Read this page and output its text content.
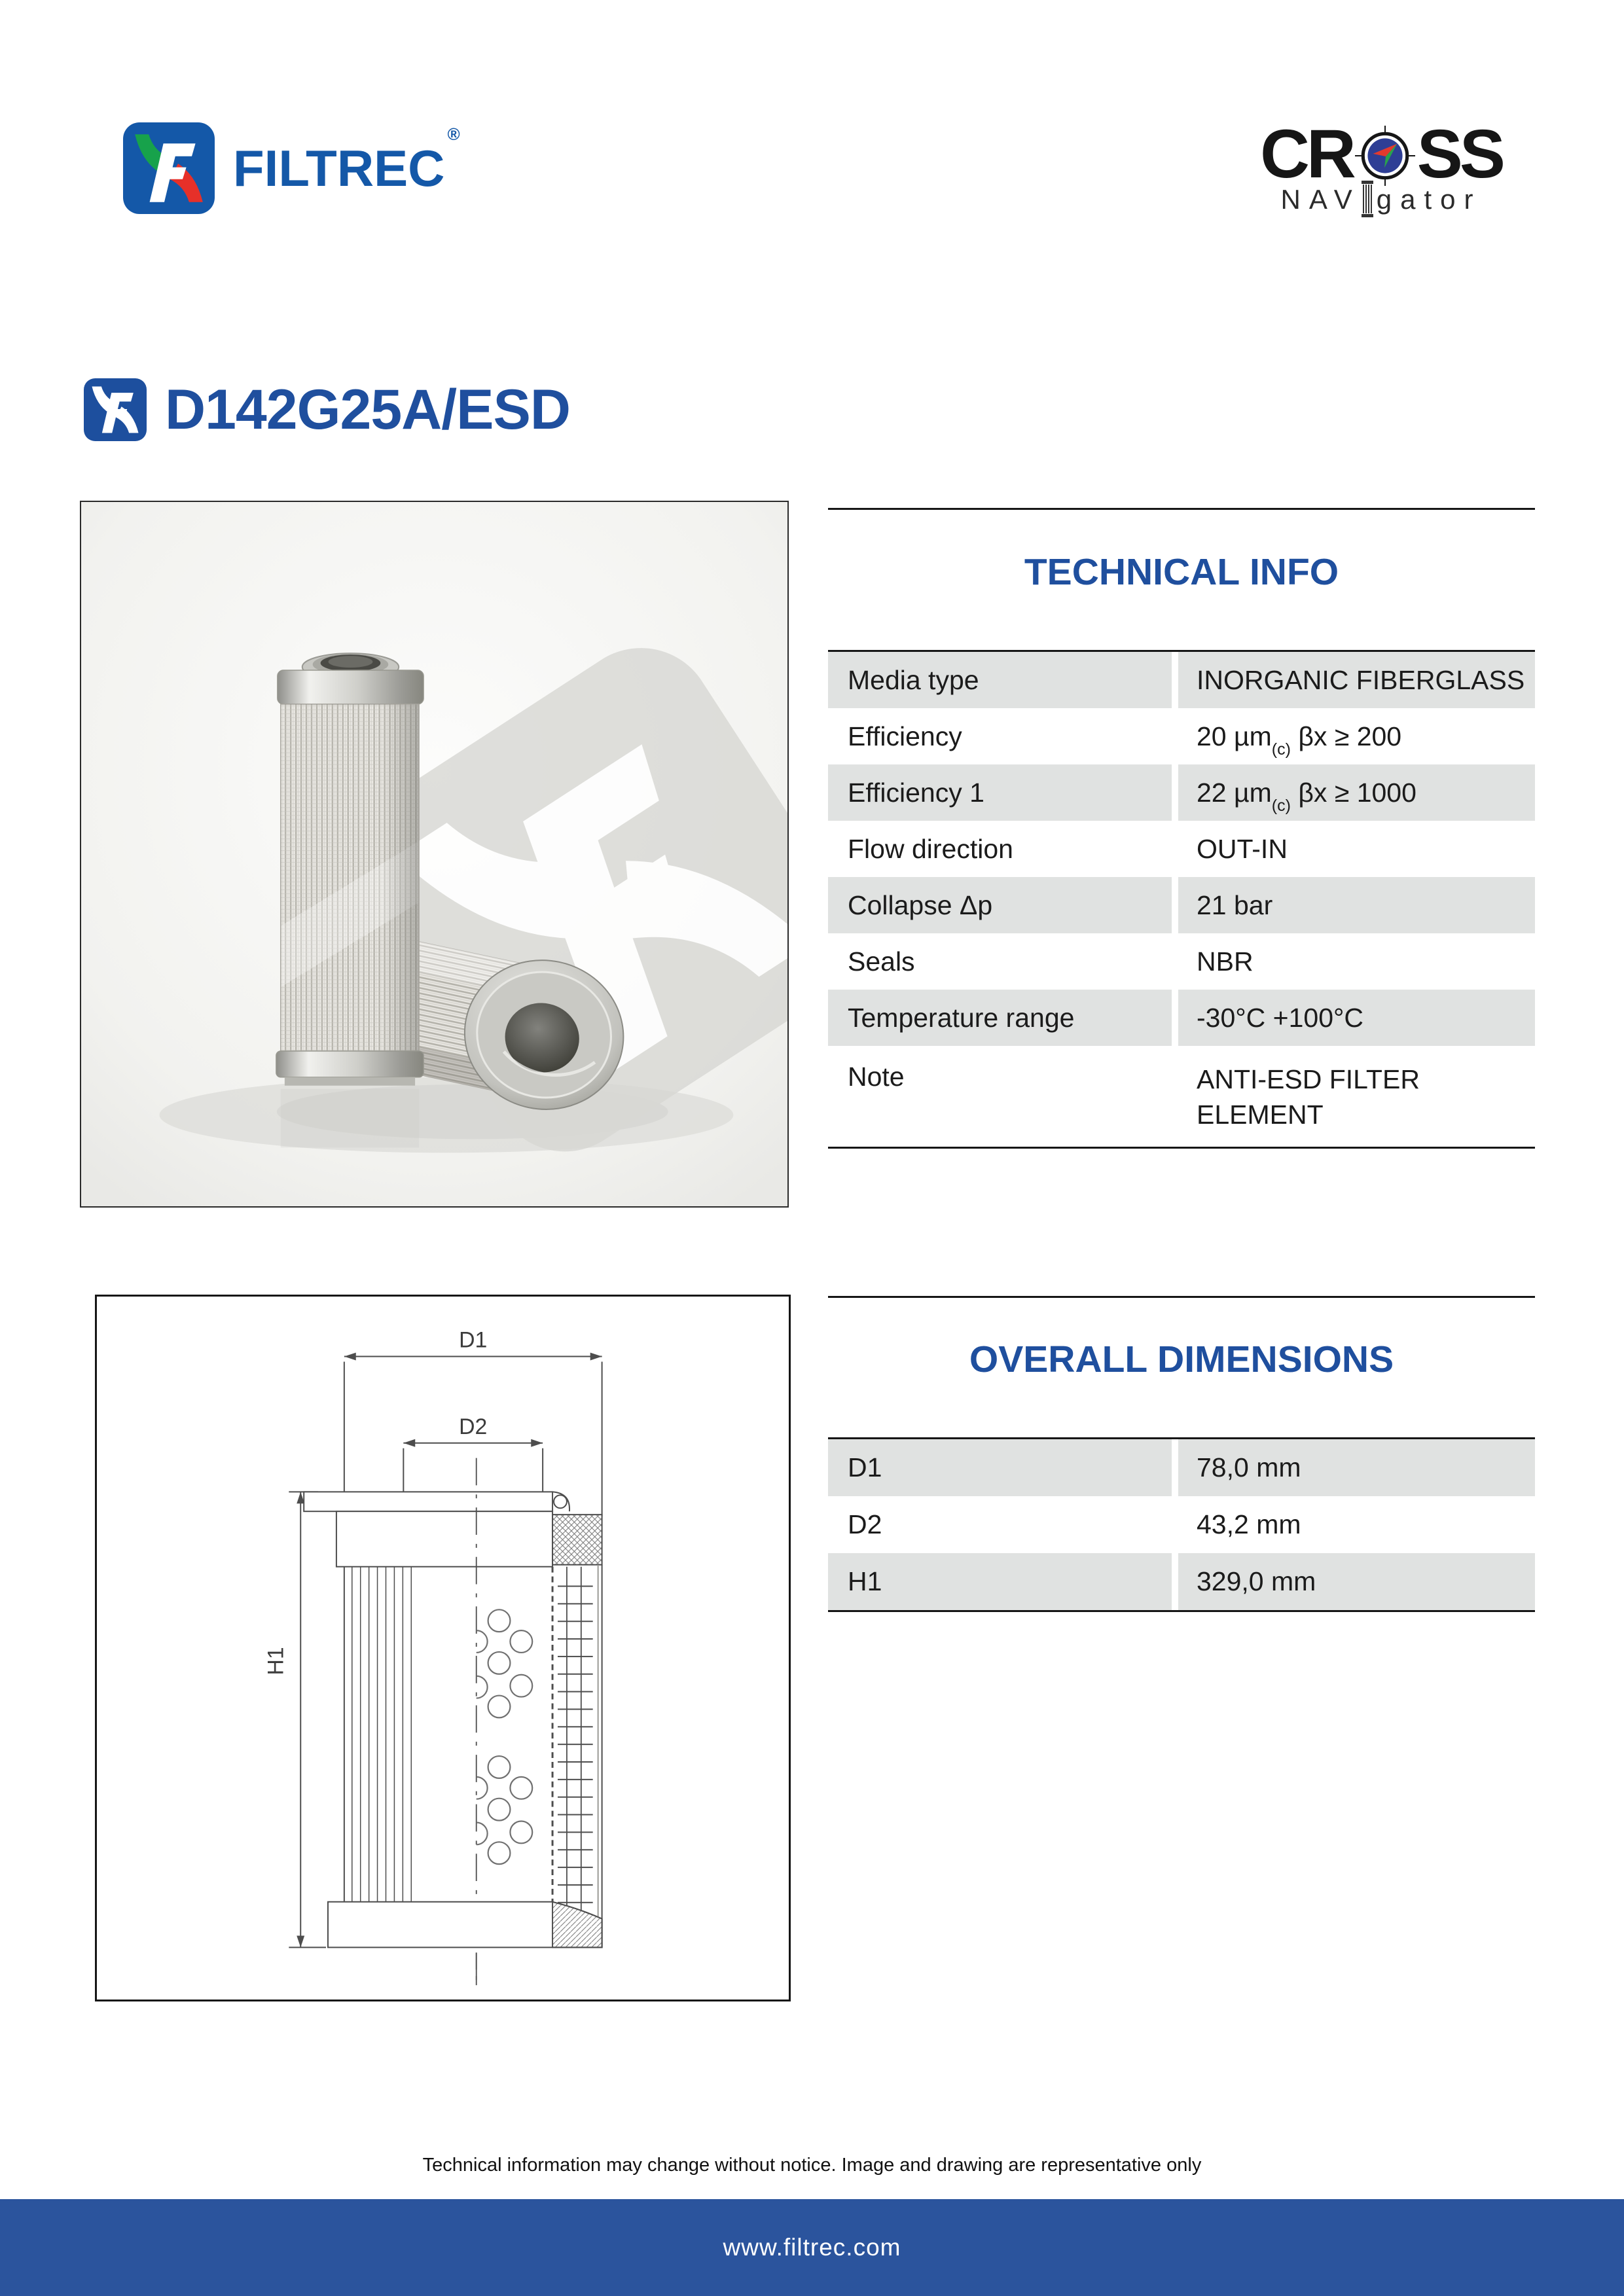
FILTREC®	CR SS
NAV gator
D142G25A/ESD
TECHNICAL INFO
Media type	INORGANIC FIBERGLASS
Efficiency	20 µm$_{(c)}$ βx ≥ 200
Efficiency 1	22 µm$_{(c)}$ βx ≥ 1000
Flow direction	OUT-IN
Collapse Δp	21 bar
Seals	NBR
Temperature range	-30°C +100°C
Note	ANTI-ESD FILTER ELEMENT
D1
D2
H1
OVERALL DIMENSIONS
D1	78,0 mm
D2	43,2 mm
H1	329,0 mm
Technical information may change without notice. Image and drawing are representative only
www.filtrec.com
